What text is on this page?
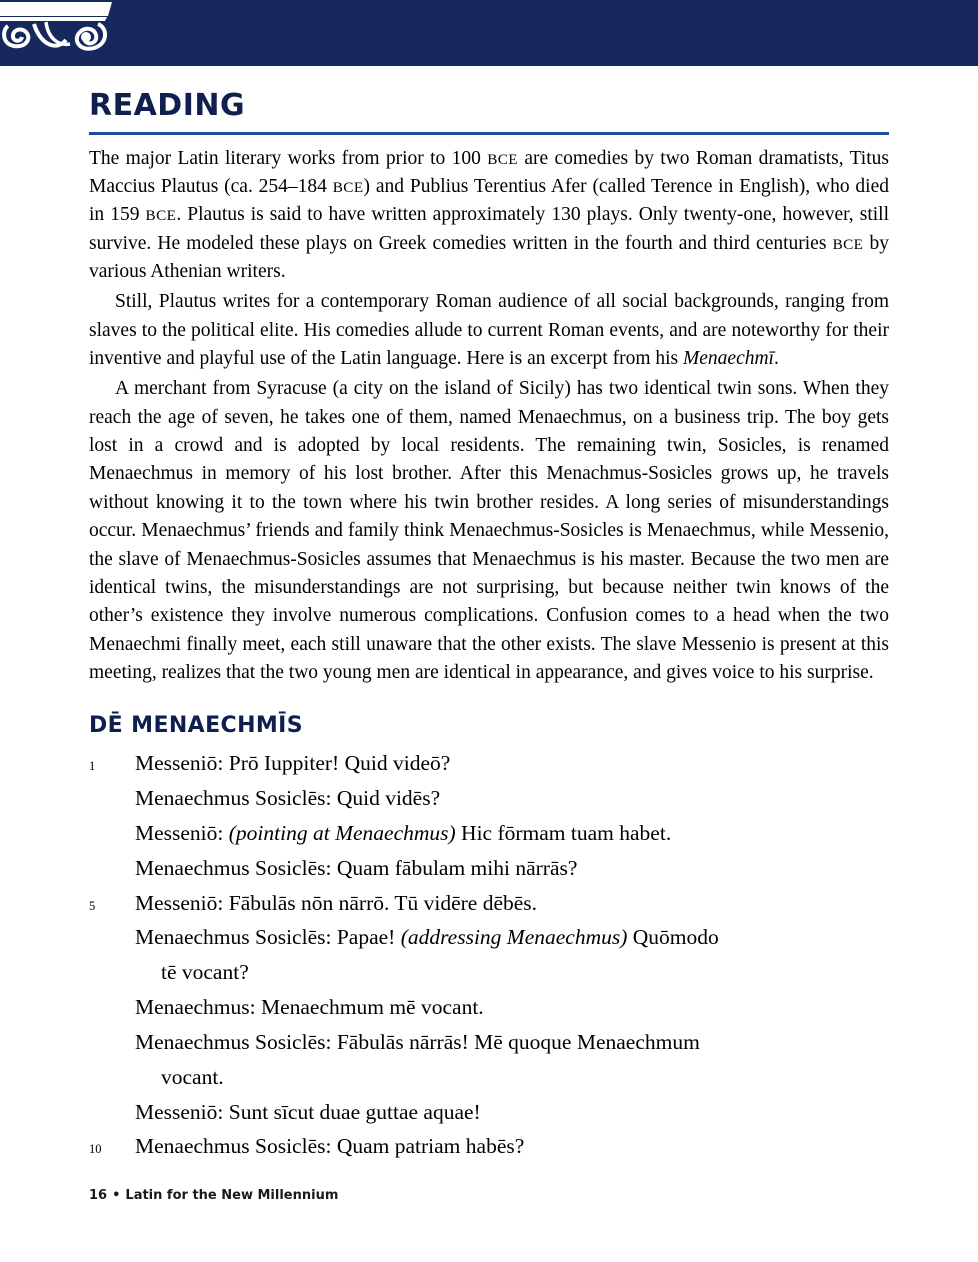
READING

The major Latin literary works from prior to 100 BCE are comedies by two Roman dramatists, Titus Maccius Plautus (ca. 254–184 BCE) and Publius Terentius Afer (called Terence in English), who died in 159 BCE. Plautus is said to have written approximately 130 plays. Only twenty-one, however, still survive. He modeled these plays on Greek comedies written in the fourth and third centuries BCE by various Athenian writers.

Still, Plautus writes for a contemporary Roman audience of all social backgrounds, ranging from slaves to the political elite. His comedies allude to current Roman events, and are noteworthy for their inventive and playful use of the Latin language. Here is an excerpt from his Menaechmī.

A merchant from Syracuse (a city on the island of Sicily) has two identical twin sons. When they reach the age of seven, he takes one of them, named Menaechmus, on a business trip. The boy gets lost in a crowd and is adopted by local residents. The remaining twin, Sosicles, is renamed Menaechmus in memory of his lost brother. After this Menachmus-Sosicles grows up, he travels without knowing it to the town where his twin brother resides. A long series of misunderstandings occur. Menaechmus’ friends and family think Menaechmus-Sosicles is Menaechmus, while Messenio, the slave of Menaechmus-Sosicles assumes that Menaechmus is his master. Because the two men are identical twins, the misunderstandings are not surprising, but because neither twin knows of the other’s existence they involve numerous complications. Confusion comes to a head when the two Menaechmi finally meet, each still unaware that the other exists. The slave Messenio is present at this meeting, realizes that the two young men are identical in appearance, and gives voice to his surprise.

DĒ MENAECHMĪS
1	Messeniō: Prō Iuppiter! Quid videō?
Menaechmus Sosiclēs: Quid vidēs?
Messeniō: (pointing at Menaechmus) Hic fōrmam tuam habet.
Menaechmus Sosiclēs: Quam fābulam mihi nārrās?
5	Messeniō: Fābulās nōn nārrō. Tū vidēre dēbēs.
Menaechmus Sosiclēs: Papae! (addressing Menaechmus) Quōmodo
tē vocant?
Menaechmus: Menaechmum mē vocant.
Menaechmus Sosiclēs: Fābulās nārrās! Mē quoque Menaechmum
vocant.
Messeniō: Sunt sīcut duae guttae aquae!
10	Menaechmus Sosiclēs: Quam patriam habēs?
16 • Latin for the New Millennium
